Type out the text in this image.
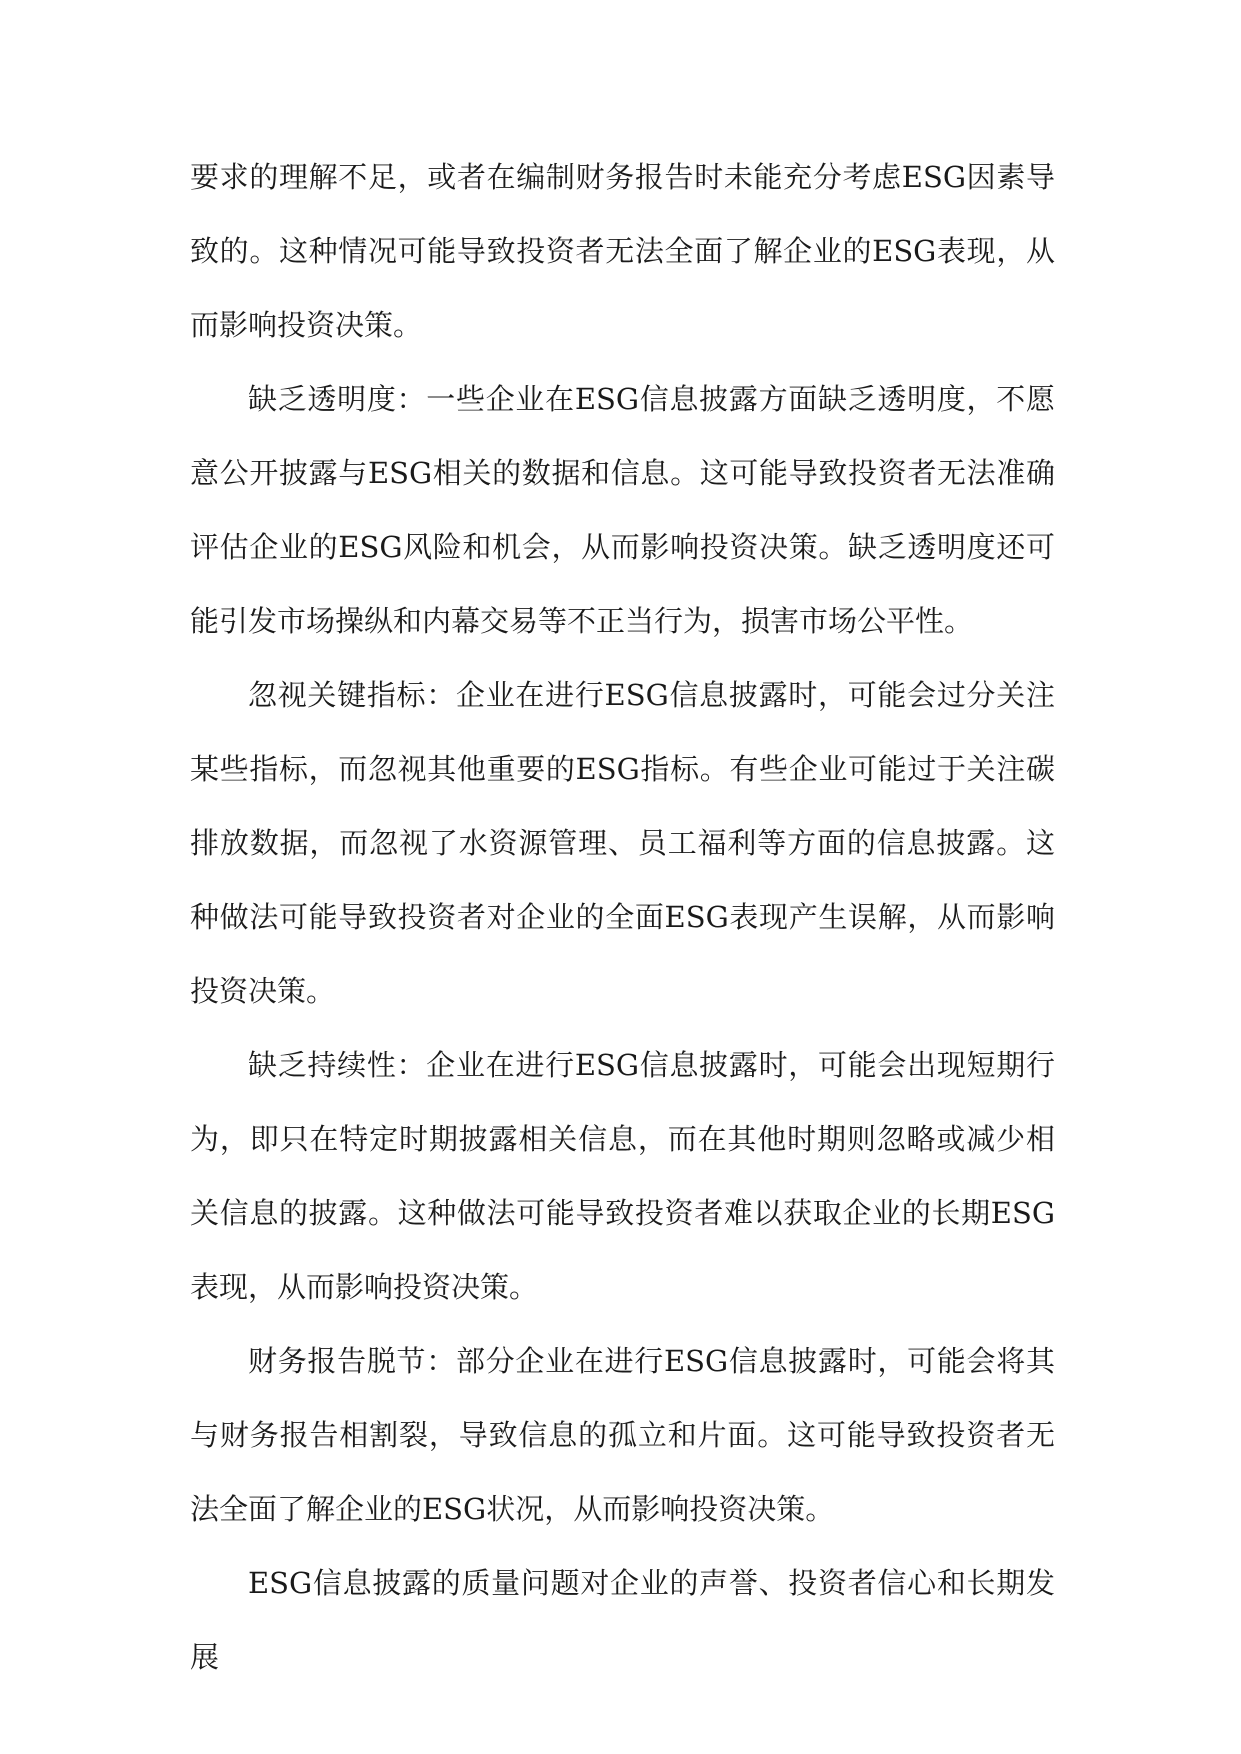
要求的理解不足，或者在编制财务报告时未能充分考虑ESG因素导致的。这种情况可能导致投资者无法全面了解企业的ESG表现，从而影响投资决策。

缺乏透明度：一些企业在ESG信息披露方面缺乏透明度，不愿意公开披露与ESG相关的数据和信息。这可能导致投资者无法准确评估企业的ESG风险和机会，从而影响投资决策。缺乏透明度还可能引发市场操纵和内幕交易等不正当行为，损害市场公平性。

忽视关键指标：企业在进行ESG信息披露时，可能会过分关注某些指标，而忽视其他重要的ESG指标。有些企业可能过于关注碳排放数据，而忽视了水资源管理、员工福利等方面的信息披露。这种做法可能导致投资者对企业的全面ESG表现产生误解，从而影响投资决策。

缺乏持续性：企业在进行ESG信息披露时，可能会出现短期行为，即只在特定时期披露相关信息，而在其他时期则忽略或减少相关信息的披露。这种做法可能导致投资者难以获取企业的长期ESG表现，从而影响投资决策。

财务报告脱节：部分企业在进行ESG信息披露时，可能会将其与财务报告相割裂，导致信息的孤立和片面。这可能导致投资者无法全面了解企业的ESG状况，从而影响投资决策。

ESG信息披露的质量问题对企业的声誉、投资者信心和长期发展
